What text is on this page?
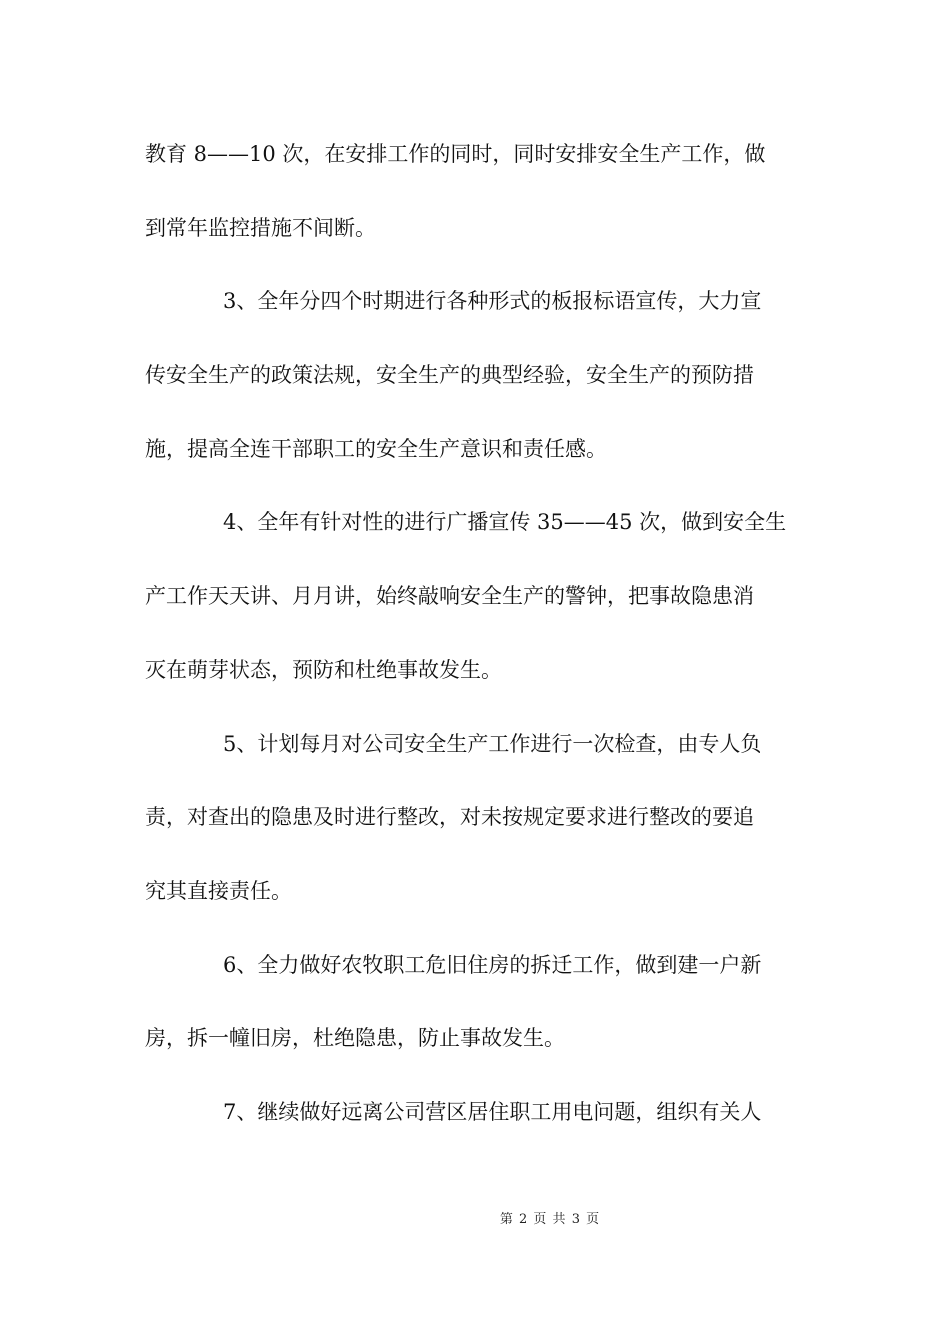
教育 8——10 次，在安排工作的同时，同时安排安全生产工作，做
到常年监控措施不间断。
3、全年分四个时期进行各种形式的板报标语宣传，大力宣
传安全生产的政策法规，安全生产的典型经验，安全生产的预防措
施，提高全连干部职工的安全生产意识和责任感。
4、全年有针对性的进行广播宣传 35——45 次，做到安全生
产工作天天讲、月月讲，始终敲响安全生产的警钟，把事故隐患消
灭在萌芽状态，预防和杜绝事故发生。
5、计划每月对公司安全生产工作进行一次检查，由专人负
责，对查出的隐患及时进行整改，对未按规定要求进行整改的要追
究其直接责任。
6、全力做好农牧职工危旧住房的拆迁工作，做到建一户新
房，拆一幢旧房，杜绝隐患，防止事故发生。
7、继续做好远离公司营区居住职工用电问题，组织有关人
第 2 页 共 3 页
